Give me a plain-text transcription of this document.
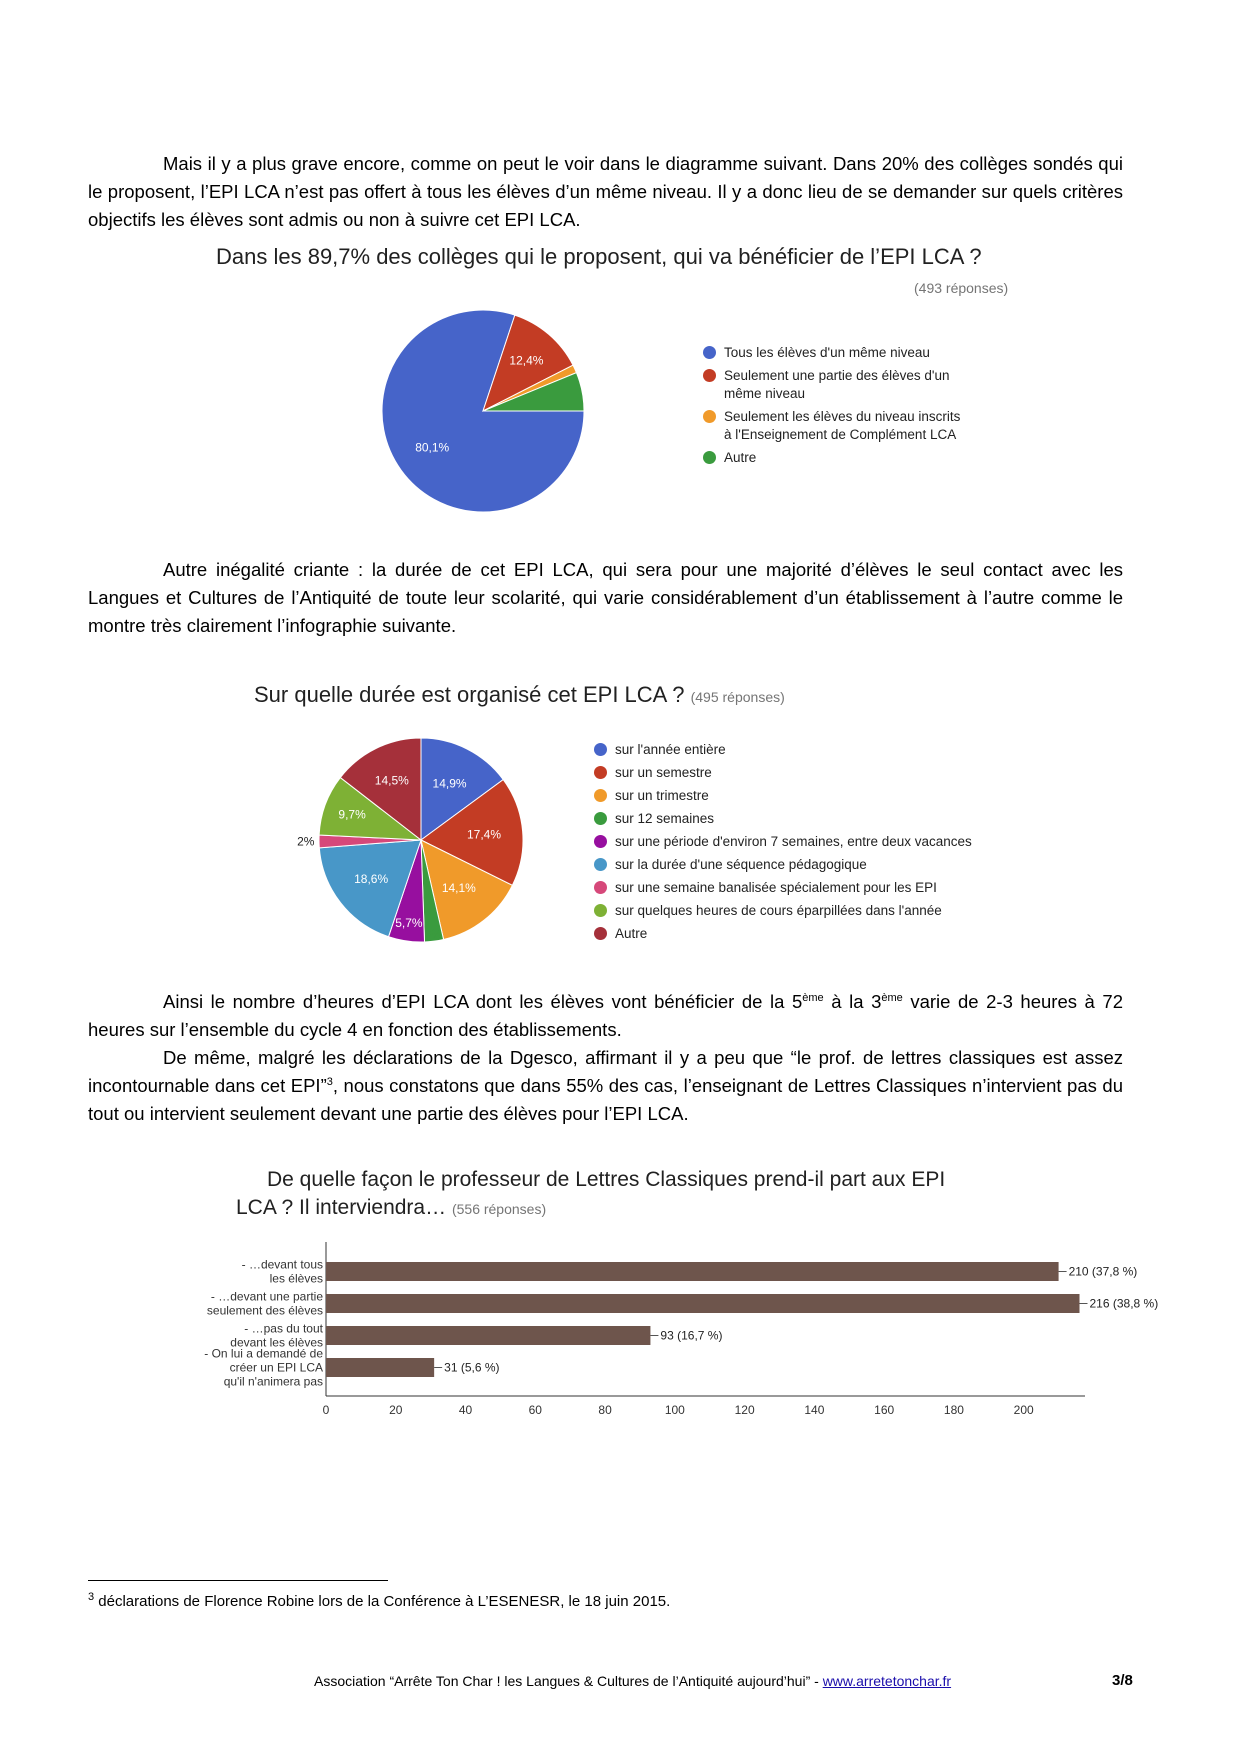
Mais il y a plus grave encore, comme on peut le voir dans le diagramme suivant. Dans 20% des collèges sondés qui le proposent, l’EPI LCA n’est pas offert à tous les élèves d’un même niveau. Il y a donc lieu de se demander sur quels critères objectifs les élèves sont admis ou non à suivre cet EPI LCA.

Dans les 89,7% des collèges qui le proposent, qui va bénéficier de l’EPI LCA ?
(493 réponses)
80,1%
12,4%
Tous les élèves d'un même niveau
Seulement une partie des élèves d'un même niveau
Seulement les élèves du niveau inscrits à l'Enseignement de Complément LCA
Autre

Autre inégalité criante : la durée de cet EPI LCA, qui sera pour une majorité d’élèves le seul contact avec les Langues et Cultures de l’Antiquité de toute leur scolarité, qui varie considérablement d’un établissement à l’autre comme le montre très clairement l’infographie suivante.

Sur quelle durée est organisé cet EPI LCA ? (495 réponses)
14,9%
17,4%
14,1%
3%
5,7%
18,6%
2%
9,7%
14,5%
sur l'année entière
sur un semestre
sur un trimestre
sur 12 semaines
sur une période d'environ 7 semaines, entre deux vacances
sur la durée d'une séquence pédagogique
sur une semaine banalisée spécialement pour les EPI
sur quelques heures de cours éparpillées dans l'année
Autre

Ainsi le nombre d’heures d’EPI LCA dont les élèves vont bénéficier de la 5ème à la 3ème varie de 2-3 heures à 72 heures sur l’ensemble du cycle 4 en fonction des établissements.

De même, malgré les déclarations de la Dgesco, affirmant il y a peu que “le prof. de lettres classiques est assez incontournable dans cet EPI”$^3$, nous constatons que dans 55% des cas, l’enseignant de Lettres Classiques n’intervient pas du tout ou intervient seulement devant une partie des élèves pour l’EPI LCA.

De quelle façon le professeur de Lettres Classiques prend-il part aux EPI
LCA ? Il interviendra… (556 réponses)
0	20	40	60	80	100	120	140	160	180	200
210 (37,8 %)
- …devant tous
les élèves
216 (38,8 %)
- …devant une partie
seulement des élèves
93 (16,7 %)
- …pas du tout
devant les élèves
31 (5,6 %)
- On lui a demandé de
créer un EPI LCA
qu'il n'animera pas
$^3$ déclarations de Florence Robine lors de la Conférence à L’ESENESR, le 18 juin 2015.
Association “Arrête Ton Char ! les Langues & Cultures de l’Antiquité aujourd’hui” - www.arretetonchar.fr	3/8
